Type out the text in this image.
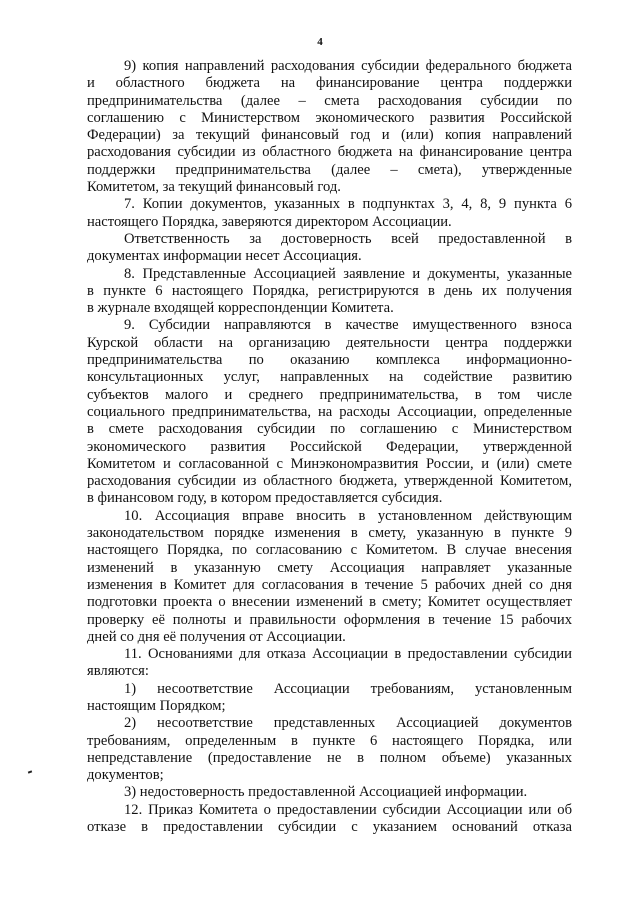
4
9) копия направлений расходования субсидии федерального бюджета
и областного бюджета на финансирование центра поддержки
предпринимательства (далее – смета расходования субсидии по
соглашению с Министерством экономического развития Российской
Федерации) за текущий финансовый год и (или) копия направлений
расходования субсидии из областного бюджета на финансирование центра
поддержки предпринимательства (далее – смета), утвержденные
Комитетом, за текущий финансовый год.
7. Копии документов, указанных в подпунктах 3, 4, 8, 9 пункта 6
настоящего Порядка, заверяются директором Ассоциации.
Ответственность за достоверность всей предоставленной в
документах информации несет Ассоциация.
8. Представленные Ассоциацией заявление и документы, указанные
в пункте 6 настоящего Порядка, регистрируются в день их получения
в журнале входящей корреспонденции Комитета.
9. Субсидии направляются в качестве имущественного взноса
Курской области на организацию деятельности центра поддержки
предпринимательства по оказанию комплекса информационно-
консультационных услуг, направленных на содействие развитию
субъектов малого и среднего предпринимательства, в том числе
социального предпринимательства, на расходы Ассоциации, определенные
в смете расходования субсидии по соглашению с Министерством
экономического развития Российской Федерации, утвержденной
Комитетом и согласованной с Минэкономразвития России, и (или) смете
расходования субсидии из областного бюджета, утвержденной Комитетом,
в финансовом году, в котором предоставляется субсидия.
10. Ассоциация вправе вносить в установленном действующим
законодательством порядке изменения в смету, указанную в пункте 9
настоящего Порядка, по согласованию с Комитетом. В случае внесения
изменений в указанную смету Ассоциация направляет указанные
изменения в Комитет для согласования в течение 5 рабочих дней со дня
подготовки проекта о внесении изменений в смету; Комитет осуществляет
проверку её полноты и правильности оформления в течение 15 рабочих
дней со дня её получения от Ассоциации.
11. Основаниями для отказа Ассоциации в предоставлении субсидии
являются:
1) несоответствие Ассоциации требованиям, установленным
настоящим Порядком;
2) несоответствие представленных Ассоциацией документов
требованиям, определенным в пункте 6 настоящего Порядка, или
непредставление (предоставление не в полном объеме) указанных
документов;
3) недостоверность предоставленной Ассоциацией информации.
12. Приказ Комитета о предоставлении субсидии Ассоциации или об
отказе в предоставлении субсидии с указанием оснований отказа
